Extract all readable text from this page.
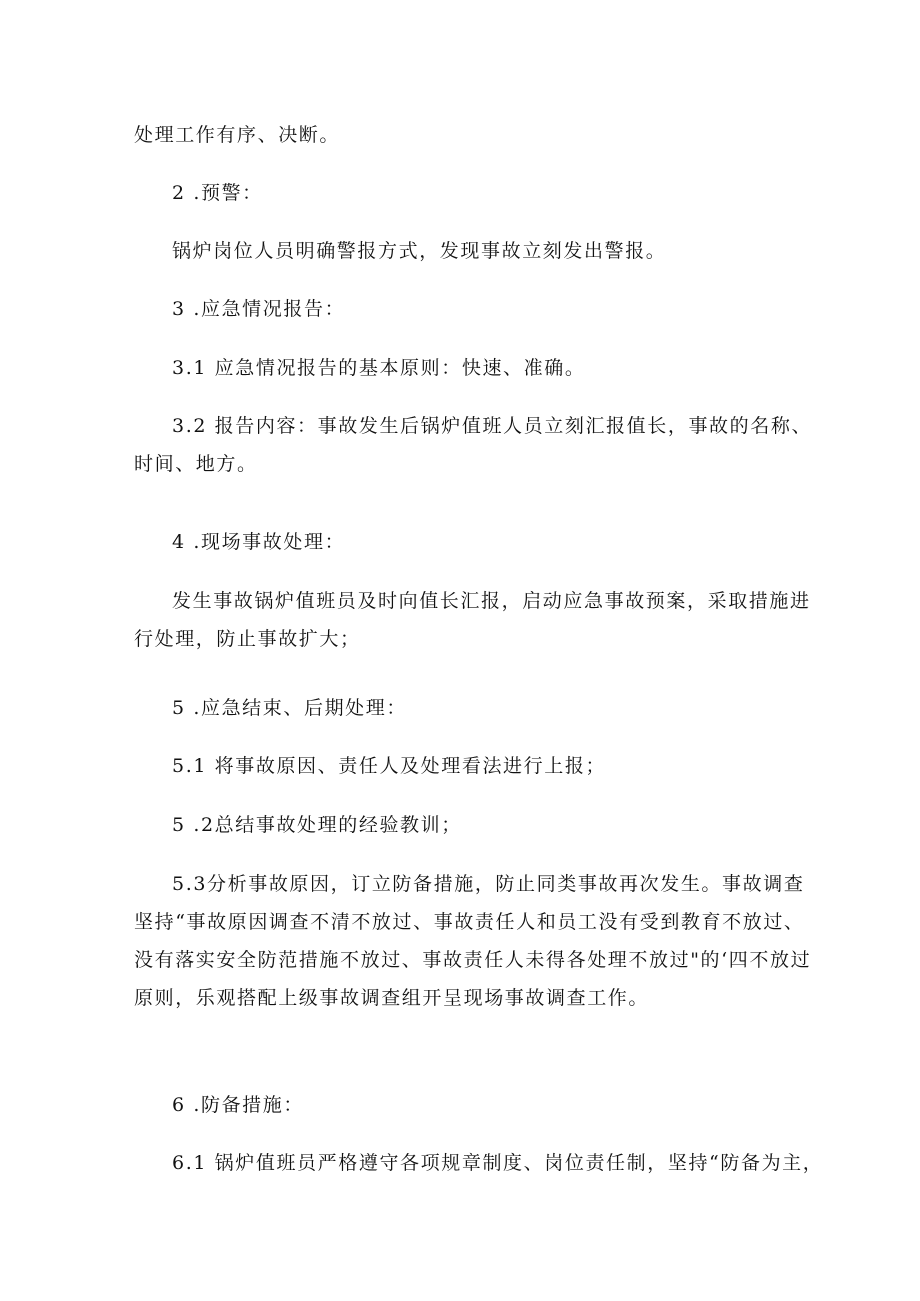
处理工作有序、决断。
2 .预警：
锅炉岗位人员明确警报方式，发现事故立刻发出警报。
3 .应急情况报告：
3.1 应急情况报告的基本原则：快速、准确。
3.2 报告内容：事故发生后锅炉值班人员立刻汇报值长，事故的名称、时间、地方。
4 .现场事故处理：
发生事故锅炉值班员及时向值长汇报，启动应急事故预案，采取措施进行处理，防止事故扩大；
5 .应急结束、后期处理：
5.1 将事故原因、责任人及处理看法进行上报；
5 .2总结事故处理的经验教训；
5.3分析事故原因，订立防备措施，防止同类事故再次发生。事故调查坚持“事故原因调查不清不放过、事故责任人和员工没有受到教育不放过、没有落实安全防范措施不放过、事故责任人未得各处理不放过"的‘四不放过原则，乐观搭配上级事故调查组开呈现场事故调查工作。
6 .防备措施：
6.1 锅炉值班员严格遵守各项规章制度、岗位责任制，坚持“防备为主，
